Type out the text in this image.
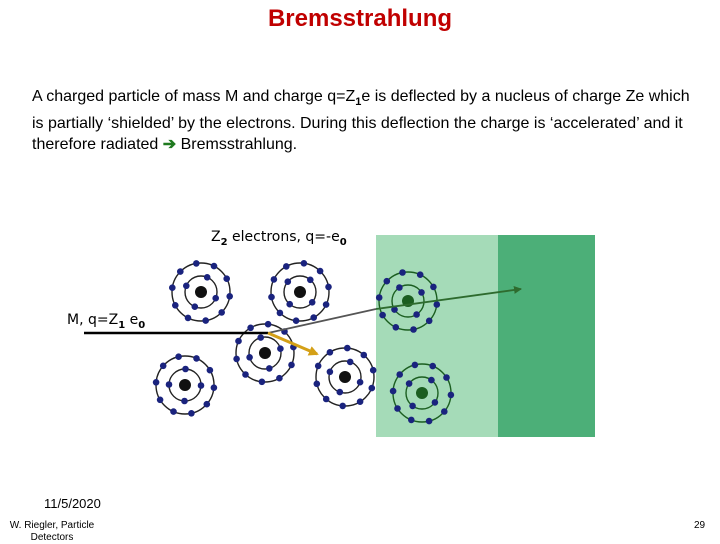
Bremsstrahlung
A charged particle of mass M and charge $q=Z_1e$ is deflected by a nucleus of charge Ze which is partially ‘shielded’ by the electrons. During this deflection the charge is ‘accelerated’ and it therefore radiated ➔ Bremsstrahlung.
$Z_2$ electrons, $q=-e_0$
M, $q=Z_1$ $e_0$
11/5/2020
W. Riegler, Particle Detectors
29
